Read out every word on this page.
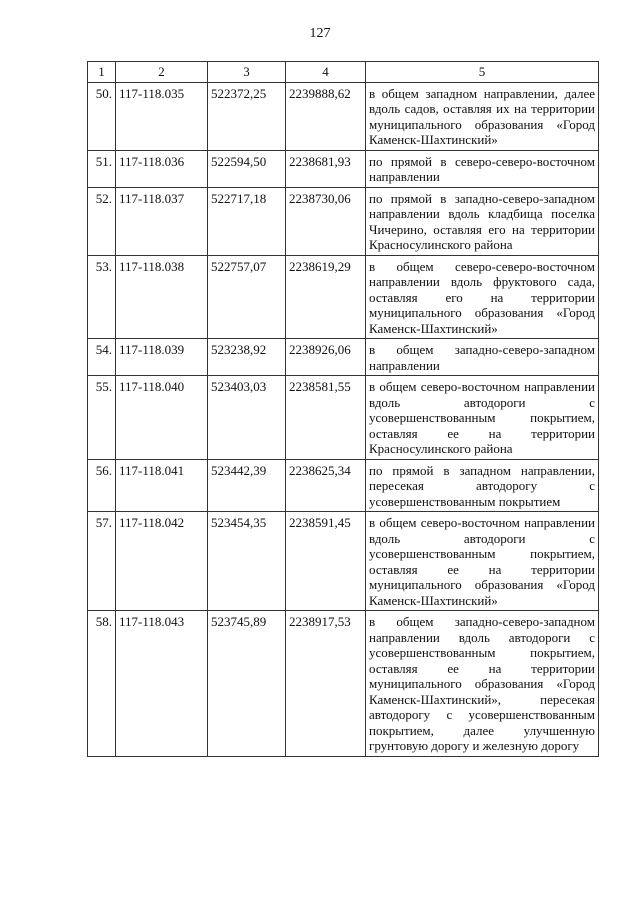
127
1	2	3	4	5
50.	117-118.035	522372,25	2239888,62	в общем западном направлении, далее вдоль садов, оставляя их на территории муниципального образования «Город Каменск-Шахтинский»
51.	117-118.036	522594,50	2238681,93	по прямой в северо-северо-восточном направлении
52.	117-118.037	522717,18	2238730,06	по прямой в западно-северо-западном направлении вдоль кладбища поселка Чичерино, оставляя его на территории Красносулинского района
53.	117-118.038	522757,07	2238619,29	в общем северо-северо-восточном направлении вдоль фруктового сада, оставляя его на территории муниципального образования «Город Каменск-Шахтинский»
54.	117-118.039	523238,92	2238926,06	в общем западно-северо-западном направлении
55.	117-118.040	523403,03	2238581,55	в общем северо-восточном направлении вдоль автодороги с усовершенствованным покрытием, оставляя ее на территории Красносулинского района
56.	117-118.041	523442,39	2238625,34	по прямой в западном направлении, пересекая автодорогу с усовершенствованным покрытием
57.	117-118.042	523454,35	2238591,45	в общем северо-восточном направлении вдоль автодороги с усовершенствованным покрытием, оставляя ее на территории муниципального образования «Город Каменск-Шахтинский»
58.	117-118.043	523745,89	2238917,53	в общем западно-северо-западном направлении вдоль автодороги с усовершенствованным покрытием, оставляя ее на территории муниципального образования «Город Каменск-Шахтинский», пересекая автодорогу с усовершенствованным покрытием, далее улучшенную грунтовую дорогу и железную дорогу
